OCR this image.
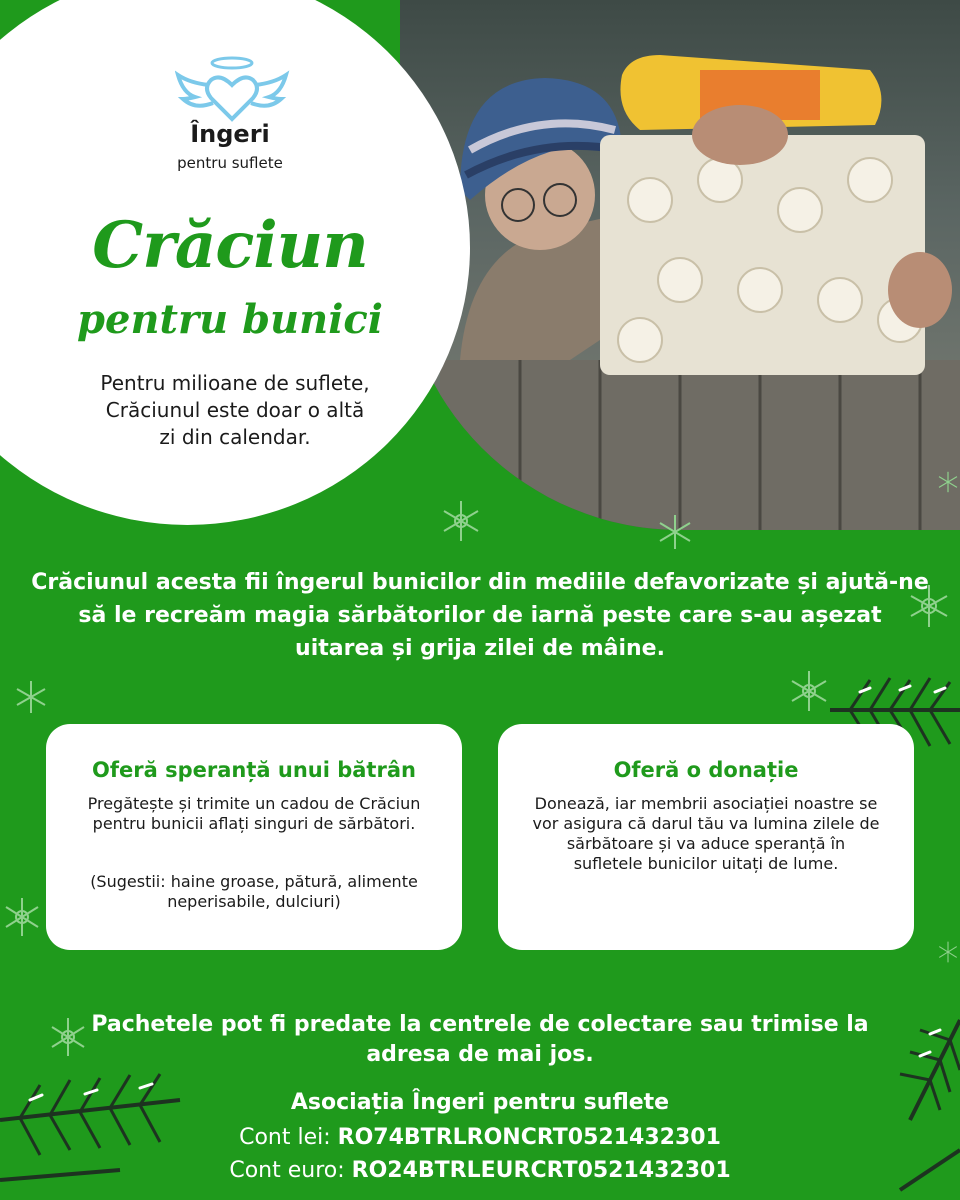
Îngeri
pentru suflete
Crăciun
pentru bunici
Pentru milioane de suflete, Crăciunul este doar o altă zi din calendar.
Crăciunul acesta fii îngerul bunicilor din mediile defavorizate și ajută-ne să le recreăm magia sărbătorilor de iarnă peste care s-au așezat uitarea și grija zilei de mâine.
Oferă speranță unui bătrân
Pregătește și trimite un cadou de Crăciun pentru bunicii aflați singuri de sărbători.
(Sugestii: haine groase, pătură, alimente neperisabile, dulciuri)
Oferă o donație
Donează, iar membrii asociației noastre se vor asigura că darul tău va lumina zilele de sărbătoare și va aduce speranță în sufletele bunicilor uitați de lume.
Pachetele pot fi predate la centrele de colectare sau trimise la adresa de mai jos.
Asociația Îngeri pentru suflete
Cont lei: RO74BTRLRONCRT0521432301
Cont euro: RO24BTRLEURCRT0521432301
